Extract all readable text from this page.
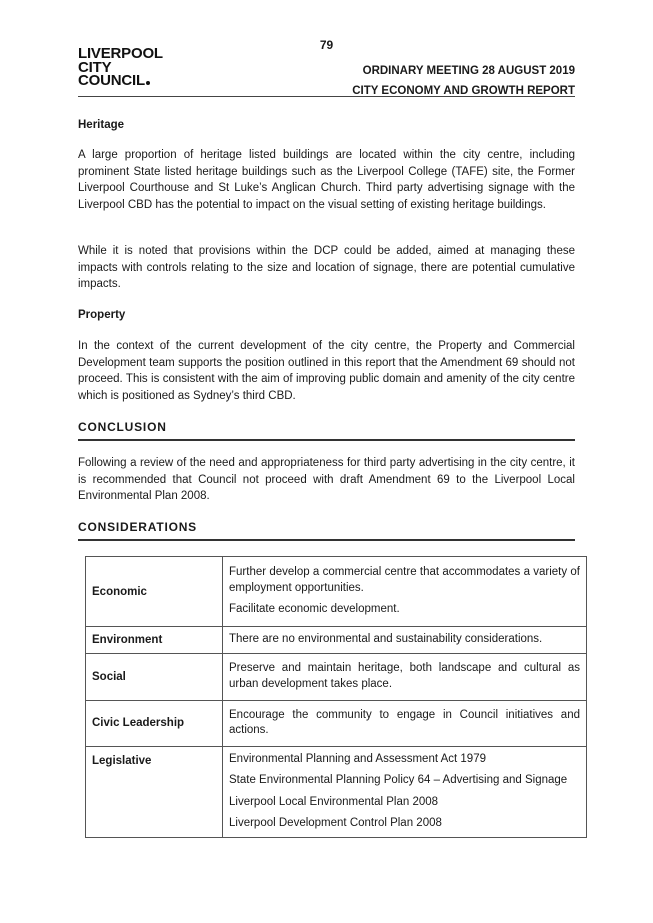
79
LIVERPOOL
CITY
COUNCIL
ORDINARY MEETING 28 AUGUST 2019
CITY ECONOMY AND GROWTH REPORT
Heritage
A large proportion of heritage listed buildings are located within the city centre, including prominent State listed heritage buildings such as the Liverpool College (TAFE) site, the Former Liverpool Courthouse and St Luke’s Anglican Church. Third party advertising signage with the Liverpool CBD has the potential to impact on the visual setting of existing heritage buildings.
While it is noted that provisions within the DCP could be added, aimed at managing these impacts with controls relating to the size and location of signage, there are potential cumulative impacts.
Property
In the context of the current development of the city centre, the Property and Commercial Development team supports the position outlined in this report that the Amendment 69 should not proceed. This is consistent with the aim of improving public domain and amenity of the city centre which is positioned as Sydney’s third CBD.
CONCLUSION
Following a review of the need and appropriateness for third party advertising in the city centre, it is recommended that Council not proceed with draft Amendment 69 to the Liverpool Local Environmental Plan 2008.
CONSIDERATIONS
Economic	Further develop a commercial centre that accommodates a variety of employment opportunities.

Facilitate economic development.

Environment	There are no environmental and sustainability considerations.

Social	Preserve and maintain heritage, both landscape and cultural as urban development takes place.

Civic Leadership	Encourage the community to engage in Council initiatives and actions.

Legislative	Environmental Planning and Assessment Act 1979

State Environmental Planning Policy 64 – Advertising and Signage

Liverpool Local Environmental Plan 2008

Liverpool Development Control Plan 2008
